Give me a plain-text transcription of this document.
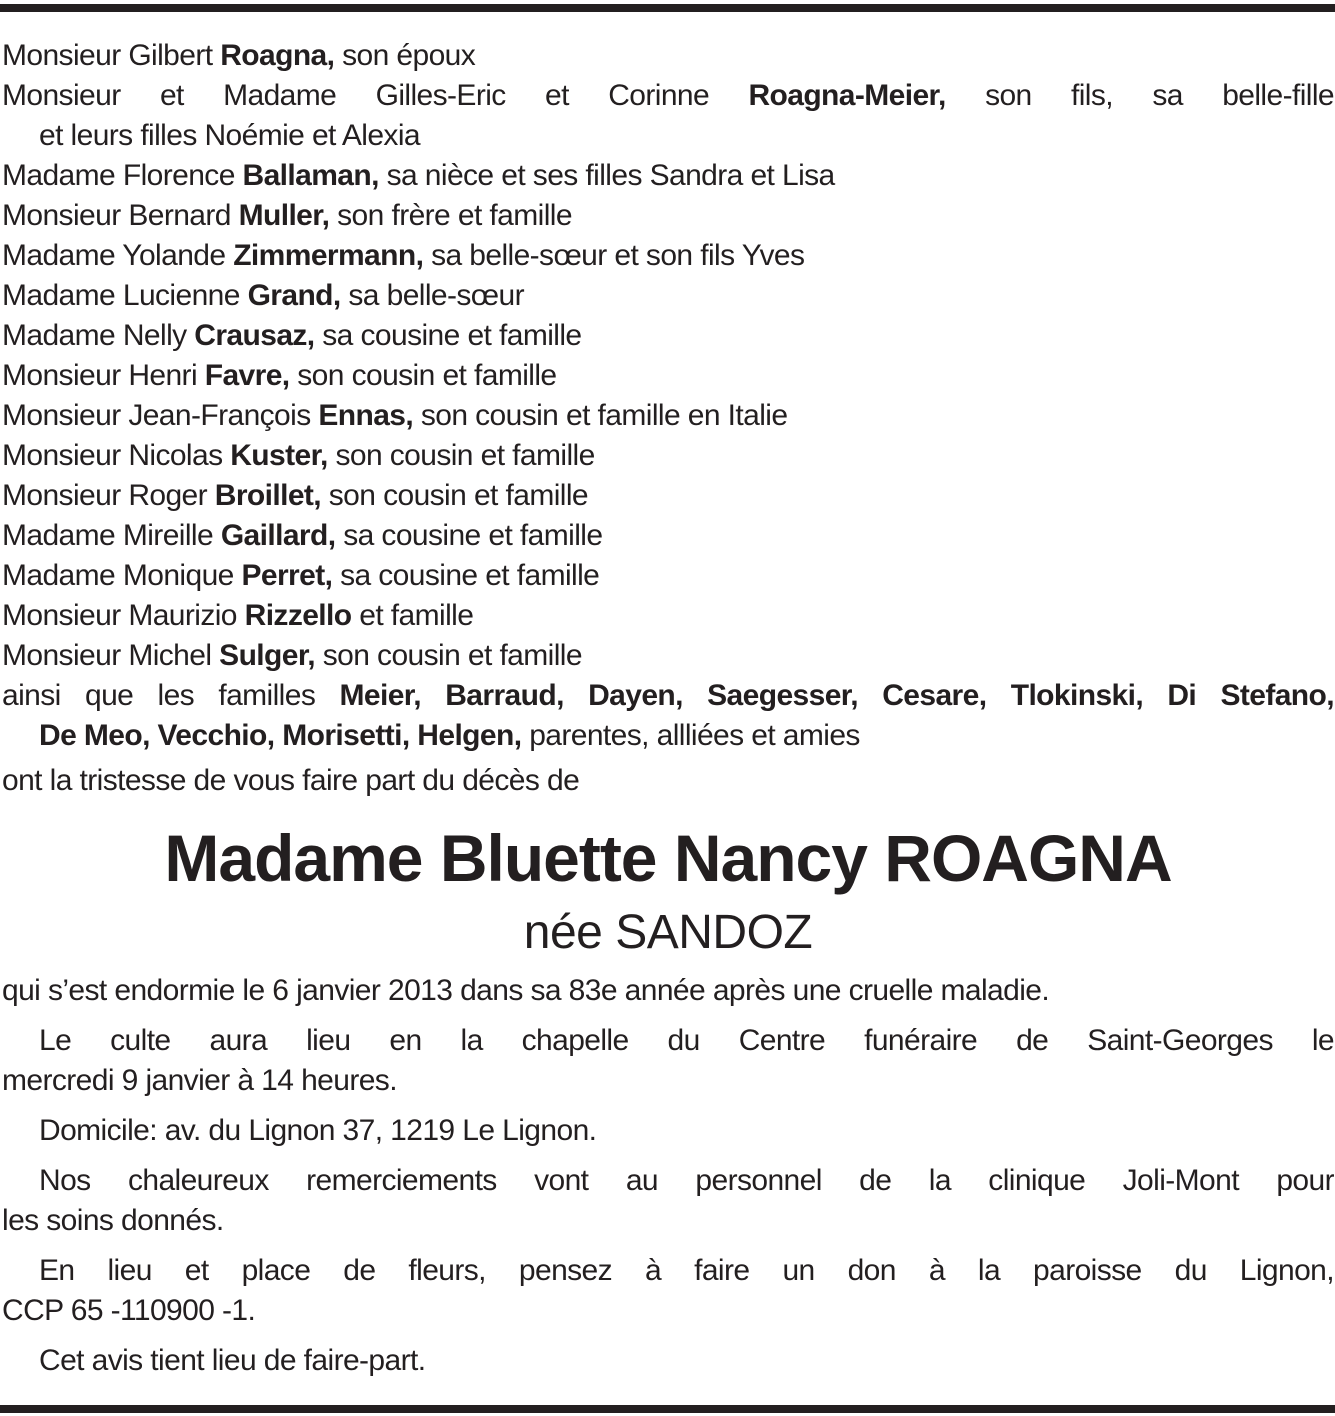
Monsieur Gilbert Roagna, son époux
Monsieur et Madame Gilles-Eric et Corinne Roagna-Meier, son fils, sa belle-fille
et leurs filles Noémie et Alexia
Madame Florence Ballaman, sa nièce et ses filles Sandra et Lisa
Monsieur Bernard Muller, son frère et famille
Madame Yolande Zimmermann, sa belle-sœur et son fils Yves
Madame Lucienne Grand, sa belle-sœur
Madame Nelly Crausaz, sa cousine et famille
Monsieur Henri Favre, son cousin et famille
Monsieur Jean-François Ennas, son cousin et famille en Italie
Monsieur Nicolas Kuster, son cousin et famille
Monsieur Roger Broillet, son cousin et famille
Madame Mireille Gaillard, sa cousine et famille
Madame Monique Perret, sa cousine et famille
Monsieur Maurizio Rizzello et famille
Monsieur Michel Sulger, son cousin et famille
ainsi que les familles Meier, Barraud, Dayen, Saegesser, Cesare, Tlokinski, Di Stefano,
De Meo, Vecchio, Morisetti, Helgen, parentes, allliées et amies
ont la tristesse de vous faire part du décès de
Madame Bluette Nancy ROAGNA
née SANDOZ
qui s’est endormie le 6 janvier 2013 dans sa 83e année après une cruelle maladie.
Le culte aura lieu en la chapelle du Centre funéraire de Saint-Georges le
mercredi 9 janvier à 14 heures.
Domicile: av. du Lignon 37, 1219 Le Lignon.
Nos chaleureux remerciements vont au personnel de la clinique Joli-Mont pour
les soins donnés.
En lieu et place de fleurs, pensez à faire un don à la paroisse du Lignon,
CCP 65 -110900 -1.
Cet avis tient lieu de faire-part.
